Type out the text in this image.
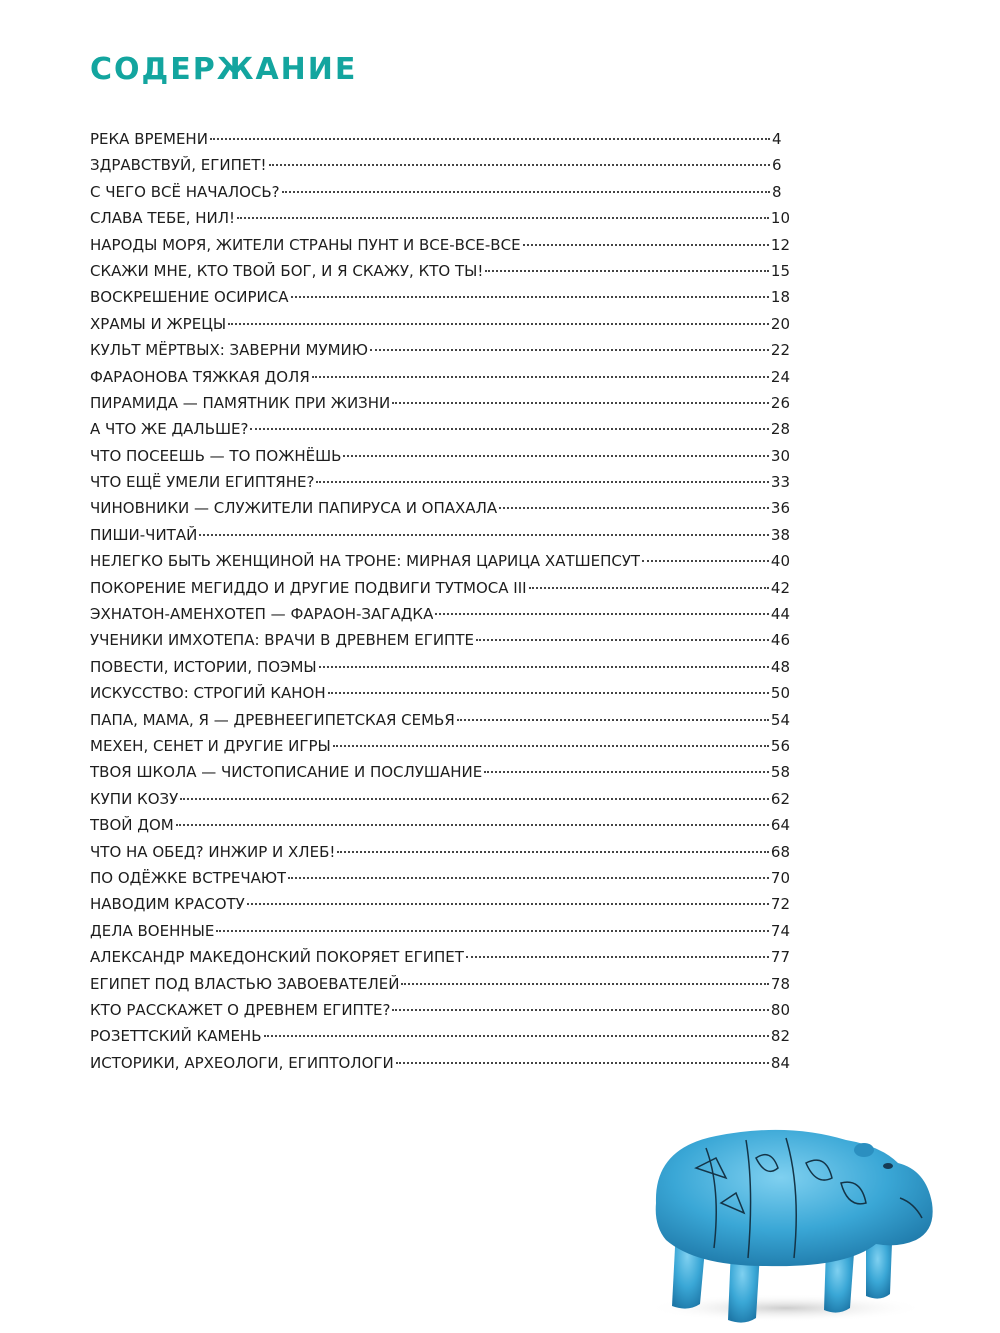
СОДЕРЖАНИЕ
РЕКА ВРЕМЕНИ	4
ЗДРАВСТВУЙ, ЕГИПЕТ!	6
С ЧЕГО ВСЁ НАЧАЛОСЬ?	8
СЛАВА ТЕБЕ, НИЛ!	10
НАРОДЫ МОРЯ, ЖИТЕЛИ СТРАНЫ ПУНТ И ВСЕ-ВСЕ-ВСЕ	12
СКАЖИ МНЕ, КТО ТВОЙ БОГ, И Я СКАЖУ, КТО ТЫ!	15
ВОСКРЕШЕНИЕ ОСИРИСА	18
ХРАМЫ И ЖРЕЦЫ	20
КУЛЬТ МЁРТВЫХ: ЗАВЕРНИ МУМИЮ	22
ФАРАОНОВА ТЯЖКАЯ ДОЛЯ	24
ПИРАМИДА — ПАМЯТНИК ПРИ ЖИЗНИ	26
А ЧТО ЖЕ ДАЛЬШЕ?	28
ЧТО ПОСЕЕШЬ — ТО ПОЖНЁШЬ	30
ЧТО ЕЩЁ УМЕЛИ ЕГИПТЯНЕ?	33
ЧИНОВНИКИ — СЛУЖИТЕЛИ ПАПИРУСА И ОПАХАЛА	36
ПИШИ-ЧИТАЙ	38
НЕЛЕГКО БЫТЬ ЖЕНЩИНОЙ НА ТРОНЕ: МИРНАЯ ЦАРИЦА ХАТШЕПСУТ	40
ПОКОРЕНИЕ МЕГИДДО И ДРУГИЕ ПОДВИГИ ТУТМОСА III	42
ЭХНАТОН-АМЕНХОТЕП — ФАРАОН-ЗАГАДКА	44
УЧЕНИКИ ИМХОТЕПА: ВРАЧИ В ДРЕВНЕМ ЕГИПТЕ	46
ПОВЕСТИ, ИСТОРИИ, ПОЭМЫ	48
ИСКУССТВО: СТРОГИЙ КАНОН	50
ПАПА, МАМА, Я — ДРЕВНЕЕГИПЕТСКАЯ СЕМЬЯ	54
МЕХЕН, СЕНЕТ И ДРУГИЕ ИГРЫ	56
ТВОЯ ШКОЛА — ЧИСТОПИСАНИЕ И ПОСЛУШАНИЕ	58
КУПИ КОЗУ	62
ТВОЙ ДОМ	64
ЧТО НА ОБЕД? ИНЖИР И ХЛЕБ!	68
ПО ОДЁЖКЕ ВСТРЕЧАЮТ	70
НАВОДИМ КРАСОТУ	72
ДЕЛА ВОЕННЫЕ	74
АЛЕКСАНДР МАКЕДОНСКИЙ ПОКОРЯЕТ ЕГИПЕТ	77
ЕГИПЕТ ПОД ВЛАСТЬЮ ЗАВОЕВАТЕЛЕЙ	78
КТО РАССКАЖЕТ О ДРЕВНЕМ ЕГИПТЕ?	80
РОЗЕТТСКИЙ КАМЕНЬ	82
ИСТОРИКИ, АРХЕОЛОГИ, ЕГИПТОЛОГИ	84
